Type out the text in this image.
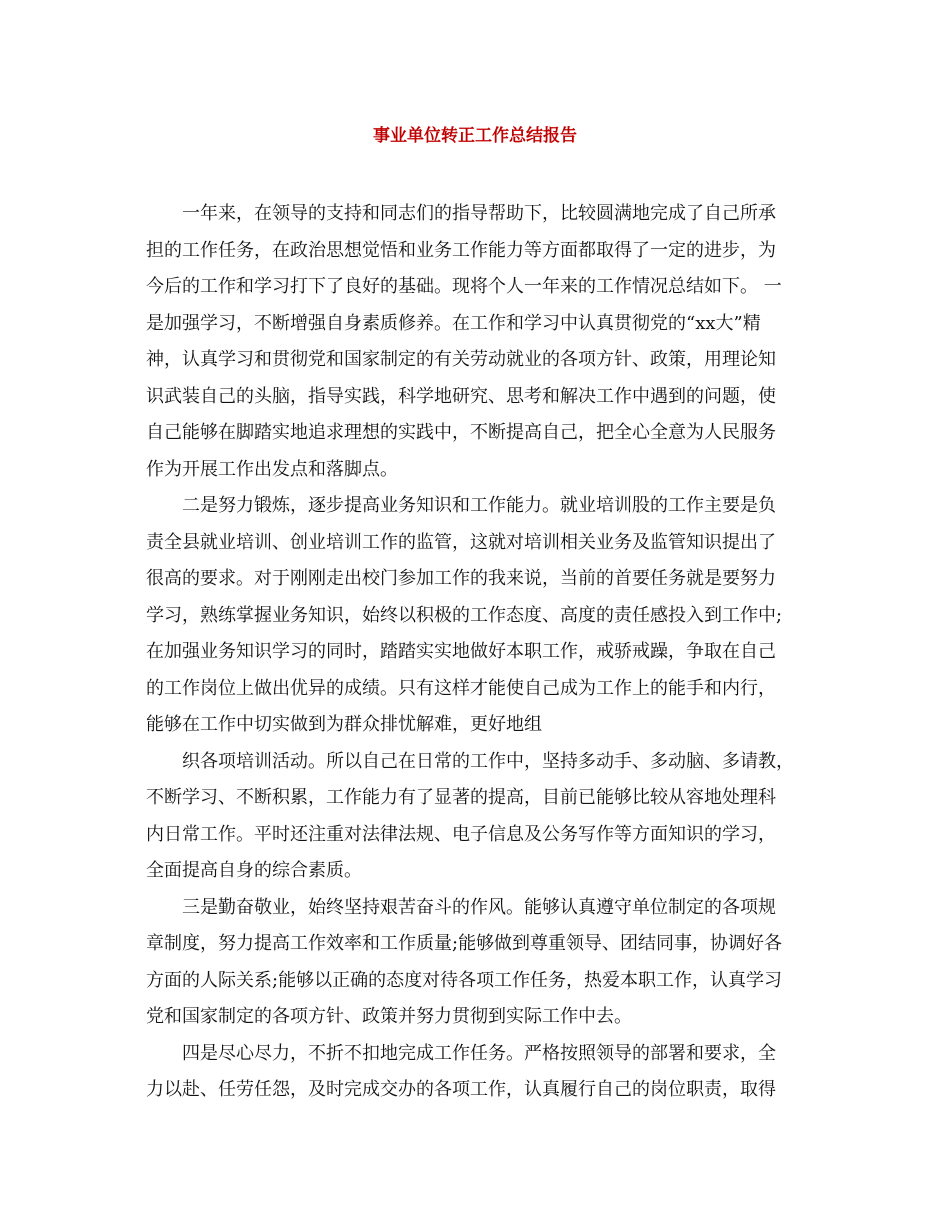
事业单位转正工作总结报告
一年来，在领导的支持和同志们的指导帮助下，比较圆满地完成了自己所承
担的工作任务，在政治思想觉悟和业务工作能力等方面都取得了一定的进步，为
今后的工作和学习打下了良好的基础。现将个人一年来的工作情况总结如下。 一
是加强学习，不断增强自身素质修养。在工作和学习中认真贯彻党的“xx大”精
神，认真学习和贯彻党和国家制定的有关劳动就业的各项方针、政策，用理论知
识武装自己的头脑，指导实践，科学地研究、思考和解决工作中遇到的问题，使
自己能够在脚踏实地追求理想的实践中，不断提高自己，把全心全意为人民服务
作为开展工作出发点和落脚点。
二是努力锻炼，逐步提高业务知识和工作能力。就业培训股的工作主要是负
责全县就业培训、创业培训工作的监管，这就对培训相关业务及监管知识提出了
很高的要求。对于刚刚走出校门参加工作的我来说，当前的首要任务就是要努力
学习，熟练掌握业务知识，始终以积极的工作态度、高度的责任感投入到工作中;
在加强业务知识学习的同时，踏踏实实地做好本职工作，戒骄戒躁，争取在自己
的工作岗位上做出优异的成绩。只有这样才能使自己成为工作上的能手和内行，
能够在工作中切实做到为群众排忧解难，更好地组
织各项培训活动。所以自己在日常的工作中，坚持多动手、多动脑、多请教，
不断学习、不断积累，工作能力有了显著的提高，目前已能够比较从容地处理科
内日常工作。平时还注重对法律法规、电子信息及公务写作等方面知识的学习，
全面提高自身的综合素质。
三是勤奋敬业，始终坚持艰苦奋斗的作风。能够认真遵守单位制定的各项规
章制度，努力提高工作效率和工作质量;能够做到尊重领导、团结同事，协调好各
方面的人际关系;能够以正确的态度对待各项工作任务，热爱本职工作，认真学习
党和国家制定的各项方针、政策并努力贯彻到实际工作中去。
四是尽心尽力，不折不扣地完成工作任务。严格按照领导的部署和要求，全
力以赴、任劳任怨，及时完成交办的各项工作，认真履行自己的岗位职责，取得
